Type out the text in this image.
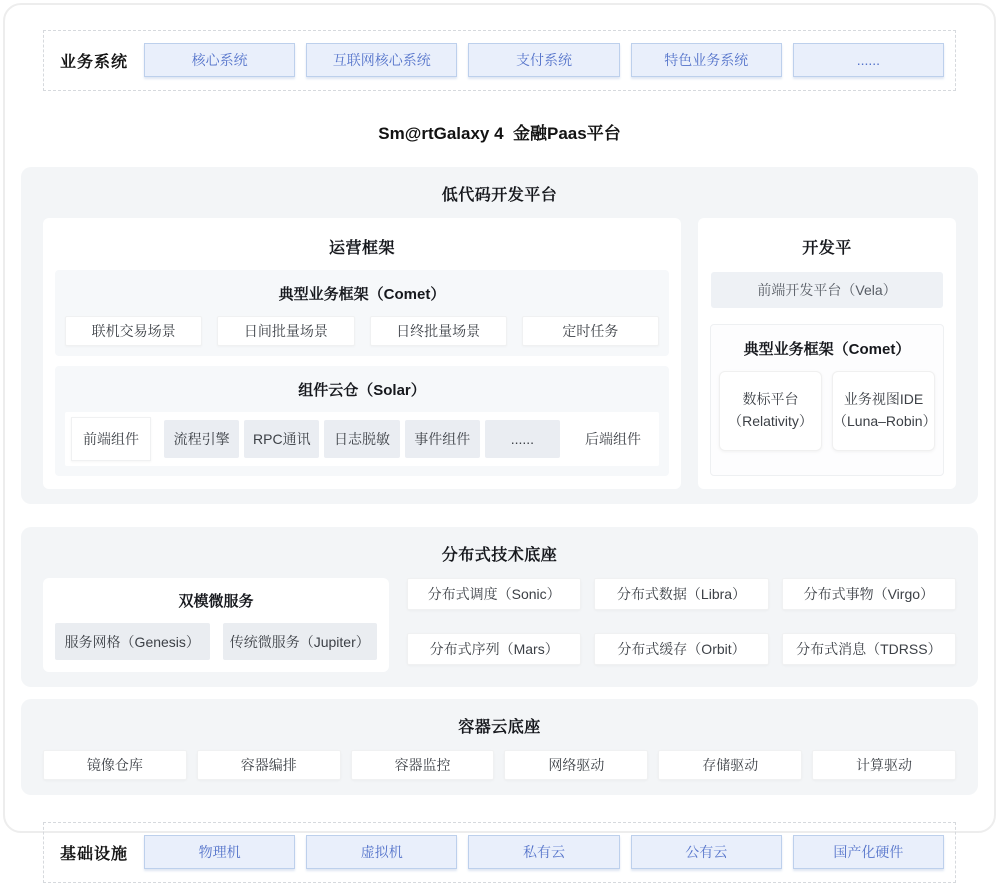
业务系统	核心系统	互联网核心系统	支付系统	特色业务系统	......
Sm@rtGalaxy 4  金融Paas平台
低代码开发平台
运营框架
典型业务框架（Comet）
联机交易场景	日间批量场景	日终批量场景	定时任务
组件云仓（Solar）
前端组件	流程引擎	RPC通讯	日志脱敏	事件组件	......	后端组件
开发平
前端开发平台（Vela）
典型业务框架（Comet）
数标平台
（Relativity）
业务视图IDE
（Luna–Robin）
分布式技术底座
双模微服务
服务网格（Genesis）	传统微服务（Jupiter）
分布式调度（Sonic）	分布式数据（Libra）	分布式事物（Virgo）
分布式序列（Mars）	分布式缓存（Orbit）	分布式消息（TDRSS）
容器云底座
镜像仓库	容器编排	容器监控	网络驱动	存储驱动	计算驱动
基础设施	物理机	虚拟机	私有云	公有云	国产化硬件
